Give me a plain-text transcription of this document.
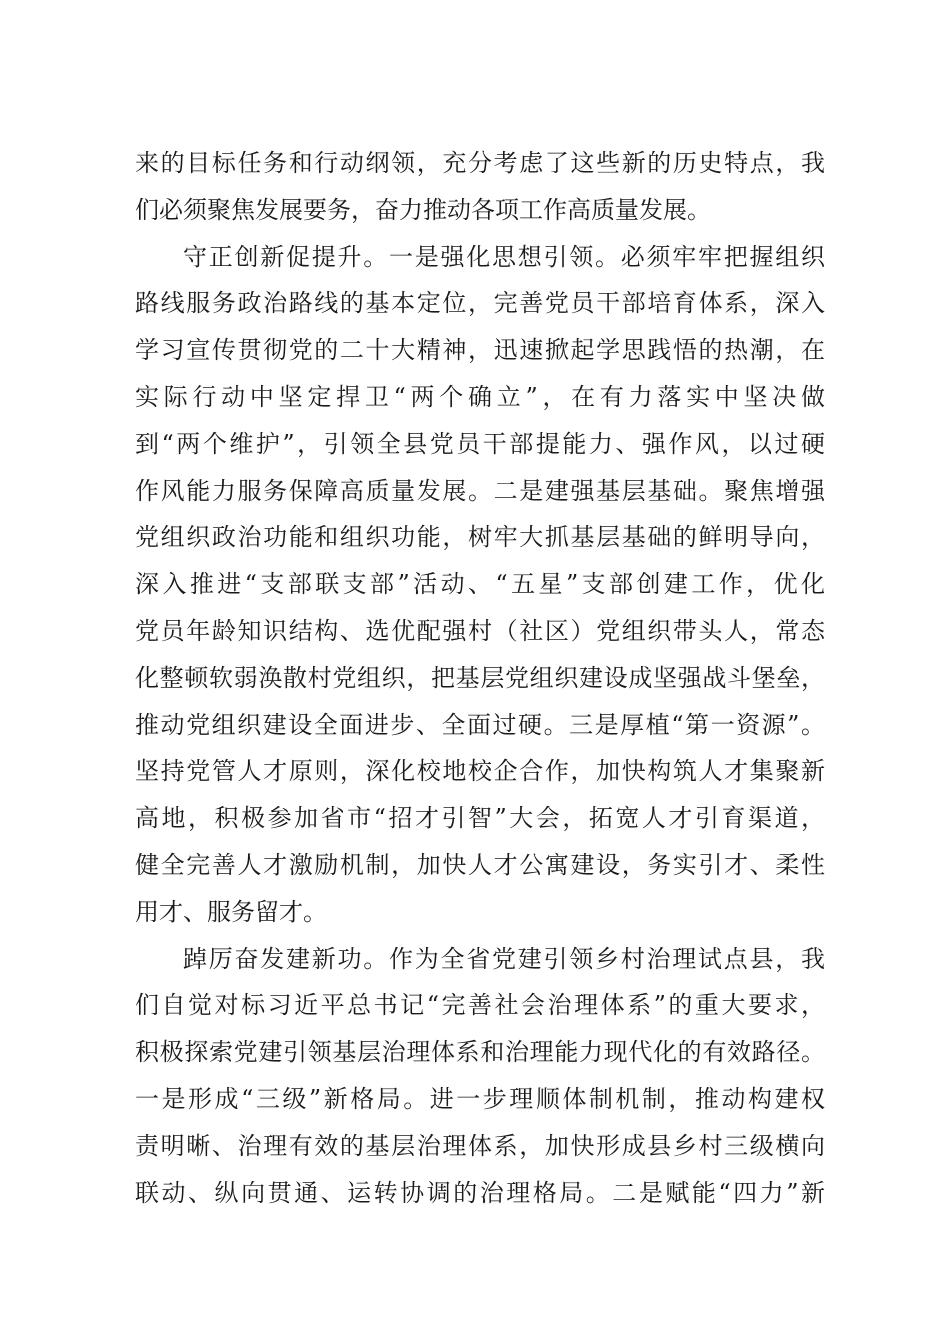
来的目标任务和行动纲领，充分考虑了这些新的历史特点，我
们必须聚焦发展要务，奋力推动各项工作高质量发展。
守正创新促提升。一是强化思想引领。必须牢牢把握组织
路线服务政治路线的基本定位，完善党员干部培育体系，深入
学习宣传贯彻党的二十大精神，迅速掀起学思践悟的热潮，在
实际行动中坚定捍卫“两个确立”，在有力落实中坚决做
到“两个维护”，引领全县党员干部提能力、强作风，以过硬
作风能力服务保障高质量发展。二是建强基层基础。聚焦增强
党组织政治功能和组织功能，树牢大抓基层基础的鲜明导向，
深入推进“支部联支部”活动、“五星”支部创建工作，优化
党员年龄知识结构、选优配强村（社区）党组织带头人，常态
化整顿软弱涣散村党组织，把基层党组织建设成坚强战斗堡垒，
推动党组织建设全面进步、全面过硬。三是厚植“第一资源”。
坚持党管人才原则，深化校地校企合作，加快构筑人才集聚新
高地，积极参加省市“招才引智”大会，拓宽人才引育渠道，
健全完善人才激励机制，加快人才公寓建设，务实引才、柔性
用才、服务留才。
踔厉奋发建新功。作为全省党建引领乡村治理试点县，我
们自觉对标习近平总书记“完善社会治理体系”的重大要求，
积极探索党建引领基层治理体系和治理能力现代化的有效路径。
一是形成“三级”新格局。进一步理顺体制机制，推动构建权
责明晰、治理有效的基层治理体系，加快形成县乡村三级横向
联动、纵向贯通、运转协调的治理格局。二是赋能“四力”新
